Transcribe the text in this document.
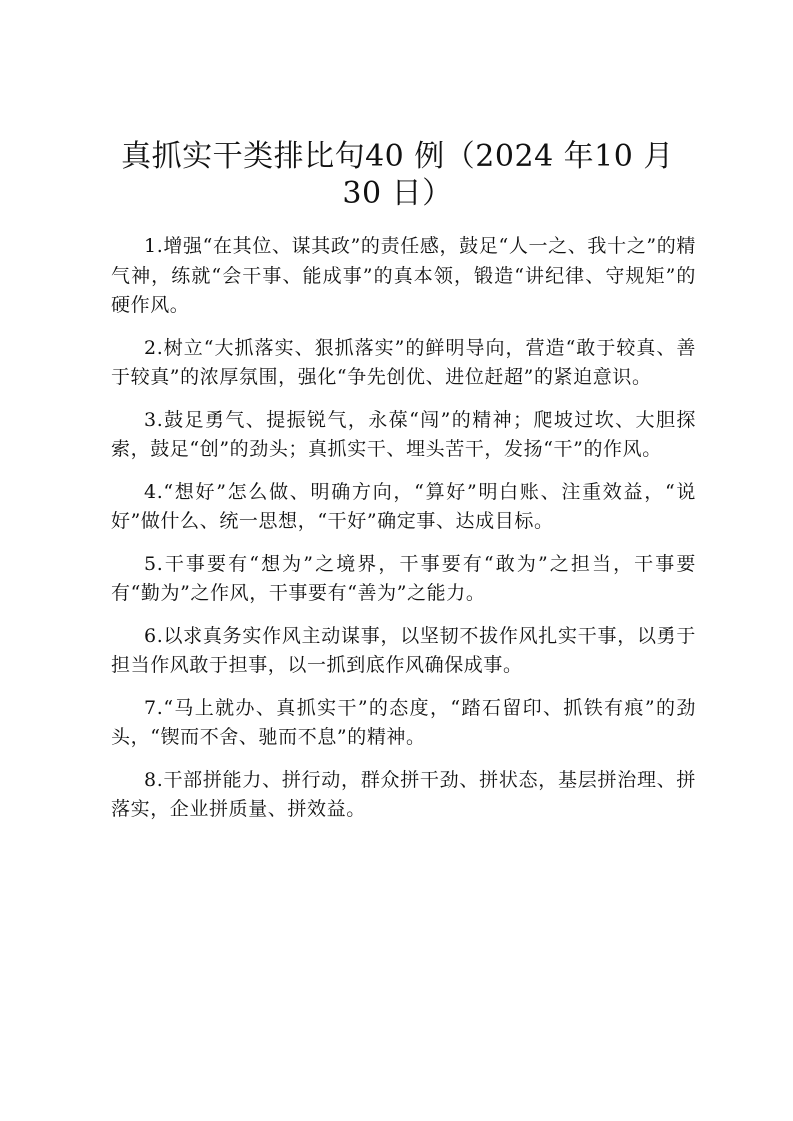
真抓实干类排比句40 例（2024 年10 月30 日）

1.增强“在其位、谋其政”的责任感，鼓足“人一之、我十之”的精气神，练就“会干事、能成事”的真本领，锻造“讲纪律、守规矩”的硬作风。

2.树立“大抓落实、狠抓落实”的鲜明导向，营造“敢于较真、善于较真”的浓厚氛围，强化“争先创优、进位赶超”的紧迫意识。

3.鼓足勇气、提振锐气，永葆“闯”的精神；爬坡过坎、大胆探索，鼓足“创”的劲头；真抓实干、埋头苦干，发扬“干”的作风。

4.“想好”怎么做、明确方向，“算好”明白账、注重效益，“说好”做什么、统一思想，“干好”确定事、达成目标。

5.干事要有“想为”之境界，干事要有“敢为”之担当，干事要有“勤为”之作风，干事要有“善为”之能力。

6.以求真务实作风主动谋事，以坚韧不拔作风扎实干事，以勇于担当作风敢于担事，以一抓到底作风确保成事。

7.“马上就办、真抓实干”的态度，“踏石留印、抓铁有痕”的劲头，“锲而不舍、驰而不息”的精神。

8.干部拼能力、拼行动，群众拼干劲、拼状态，基层拼治理、拼落实，企业拼质量、拼效益。
